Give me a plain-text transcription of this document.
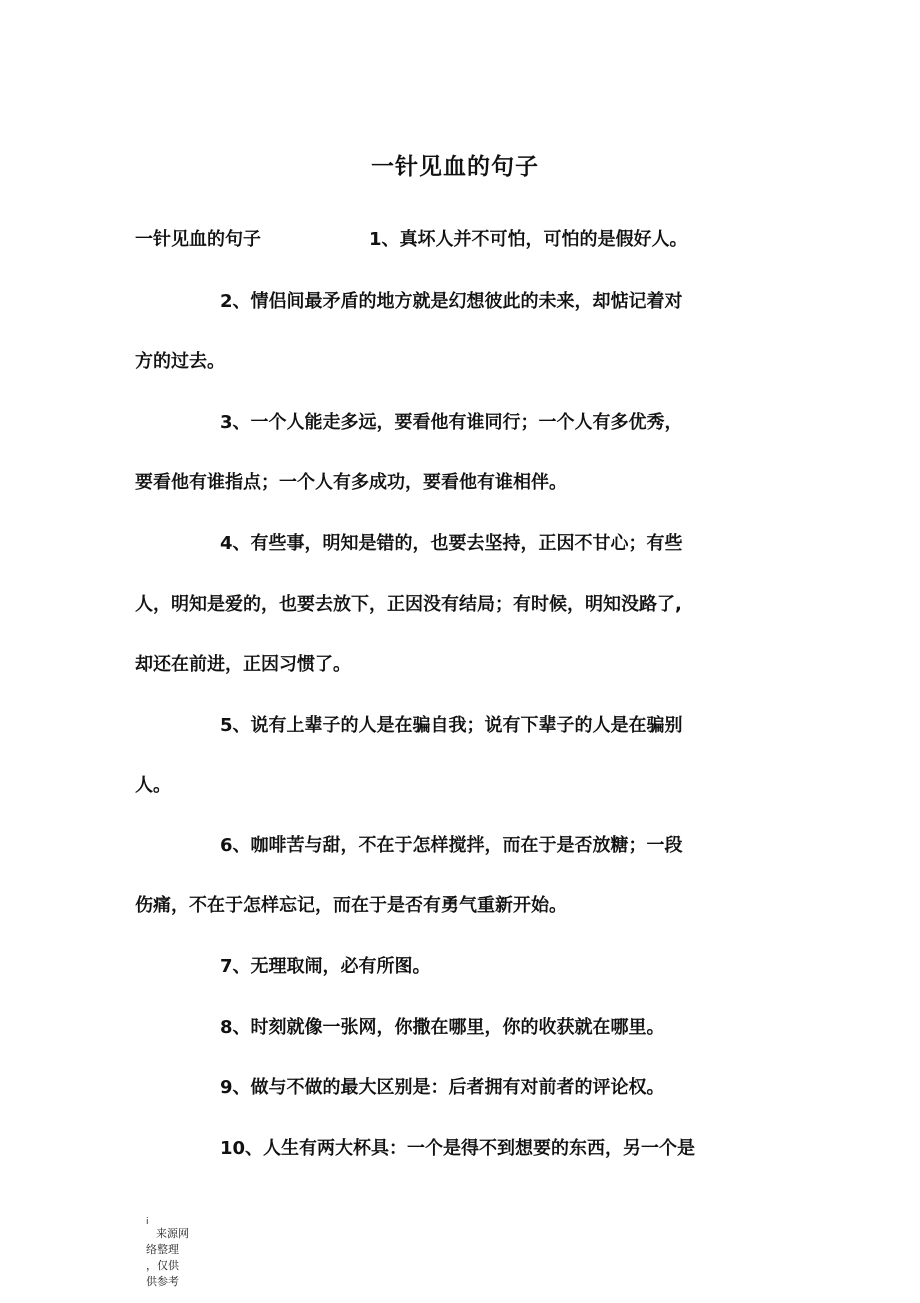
一针见血的句子

一针见血的句子	1、真坏人并不可怕，可怕的是假好人。

2、情侣间最矛盾的地方就是幻想彼此的未来，却惦记着对

方的过去。

3、一个人能走多远，要看他有谁同行；一个人有多优秀，

要看他有谁指点；一个人有多成功，要看他有谁相伴。

4、有些事，明知是错的，也要去坚持，正因不甘心；有些

人，明知是爱的，也要去放下，正因没有结局；有时候，明知没路了,

却还在前进，正因习惯了。

5、说有上辈子的人是在骗自我；说有下辈子的人是在骗别

人。

6、咖啡苦与甜，不在于怎样搅拌，而在于是否放糖；一段

伤痛，不在于怎样忘记，而在于是否有勇气重新开始。

7、无理取闹，必有所图。

8、时刻就像一张网，你撒在哪里，你的收获就在哪里。

9、做与不做的最大区别是：后者拥有对前者的评论权。

10、人生有两大杯具：一个是得不到想要的东西，另一个是

i
来源网
络整理
，仅供
供参考
